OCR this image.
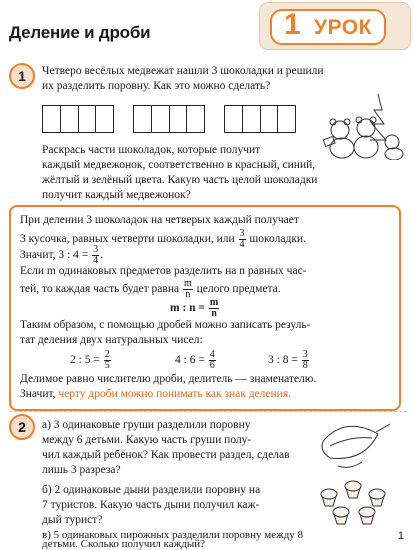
Деление и дроби	1 УРОК
1	Четверо весёлых медвежат нашли 3 шоколадки и решили
их разделить поровну. Как это можно сделать?
Раскрась части шоколадок, которые получит
каждый медвежонок, соответственно в красный, синий,
жёлтый и зелёный цвета. Какую часть целой шоколадки
получит каждый медвежонок?
При делении 3 шоколадок на четверых каждый получает
3 кусочка, равных четверти шоколадки, или $\frac{3}{4}$ шоколадки.
Значит, 3 : $4 = \frac{3}{4}$ .
Если m одинаковых предметов разделить на n равных час-
тей, то каждая часть будет равна $\frac{m}{n}$ целого предмета.
m : $n = \frac{m}{n}$
Таким образом, с помощью дробей можно записать резуль-
тат деления двух натуральных чисел:
2 : $5 = \frac{2}{5}$	4 : $6 = \frac{4}{6}$	3 : $8 = \frac{3}{8}$
Делимое равно числителю дроби, делитель — знаменателю.
Значит, черту дроби можно понимать как знак деления.
2	а) 3 одинаковые груши разделили поровну
между 6 детьми. Какую часть груши полу-
чил каждый ребёнок? Как провести раздел, сделав
лишь 3 разреза?
б) 2 одинаковые дыни разделили поровну на
7 туристов. Какую часть дыни получил каж-
дый турист?
в) 5 одинаковых пирожных разделили поровну между 8
детьми. Сколько получил каждый?
1
